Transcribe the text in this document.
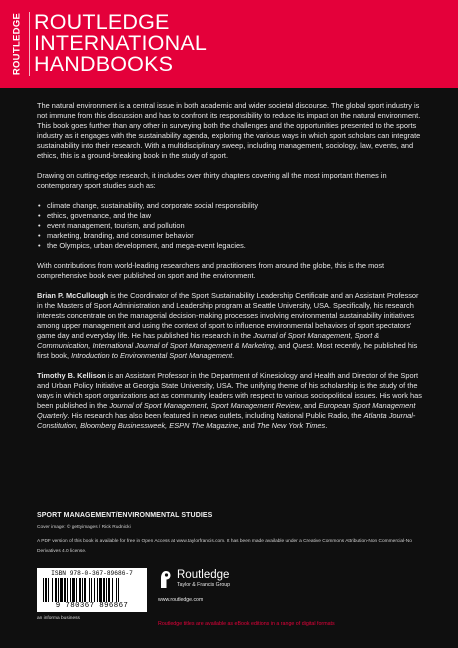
ROUTLEDGE ROUTLEDGE
INTERNATIONAL
HANDBOOKS

The natural environment is a central issue in both academic and wider societal discourse. The global sport industry is not immune from this discussion and has to confront its responsibility to reduce its impact on the natural environment. This book goes further than any other in surveying both the challenges and the opportunities presented to the sports industry as it engages with the sustainability agenda, exploring the various ways in which sport scholars can integrate sustainability into their research. With a multidisciplinary sweep, including management, sociology, law, events, and ethics, this is a ground-breaking book in the study of sport.

Drawing on cutting-edge research, it includes over thirty chapters covering all the most important themes in contemporary sport studies such as:

• climate change, sustainability, and corporate social responsibility
• ethics, governance, and the law
• event management, tourism, and pollution
• marketing, branding, and consumer behavior
• the Olympics, urban development, and mega-event legacies.

With contributions from world-leading researchers and practitioners from around the globe, this is the most comprehensive book ever published on sport and the environment.

Brian P. McCullough is the Coordinator of the Sport Sustainability Leadership Certificate and an Assistant Professor in the Masters of Sport Administration and Leadership program at Seattle University, USA. Specifically, his research interests concentrate on the managerial decision-making processes involving environmental sustainability initiatives among upper management and using the context of sport to influence environmental behaviors of sport spectators' game day and everyday life. He has published his research in the Journal of Sport Management, Sport & Communication, International Journal of Sport Management & Marketing, and Quest. Most recently, he published his first book, Introduction to Environmental Sport Management.

Timothy B. Kellison is an Assistant Professor in the Department of Kinesiology and Health and Director of the Sport and Urban Policy Initiative at Georgia State University, USA. The unifying theme of his scholarship is the study of the ways in which sport organizations act as community leaders with respect to various sociopolitical issues. His work has been published in the Journal of Sport Management, Sport Management Review, and European Sport Management Quarterly. His research has also been featured in news outlets, including National Public Radio, the Atlanta Journal-Constitution, Bloomberg Businessweek, ESPN The Magazine, and The New York Times.

SPORT MANAGEMENT/ENVIRONMENTAL STUDIES
Cover image: © gettyimages / Rick Rudnicki
A PDF version of this book is available for free in Open Access at www.taylorfrancis.com. It has been made available under a Creative Commons Attribution-Non Commercial-No Derivatives 4.0 license.
ISBN 978-0-367-89686-7
9 780367 896867
an informa business
Routledge
Taylor & Francis Group
www.routledge.com
Routledge titles are available as eBook editions in a range of digital formats
